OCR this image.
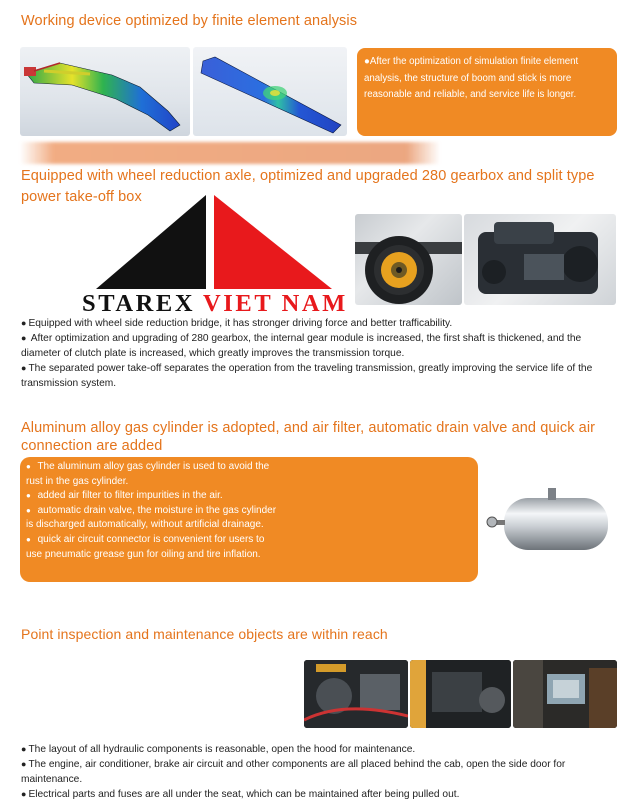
Working device optimized by finite element analysis
●After the optimization of simulation finite element analysis, the structure of boom and stick is more reasonable and reliable, and service life is longer.
Equipped with wheel reduction axle, optimized and upgraded 280 gearbox and split type power take-off box
STAREX VIET NAM

● Equipped with wheel side reduction bridge, it has stronger driving force and better trafficability.

● After optimization and upgrading of 280 gearbox, the internal gear module is increased, the first shaft is thickened, and the diameter of clutch plate is increased, which greatly improves the transmission torque.

● The separated power take-off separates the operation from the traveling transmission, greatly improving the service life of the transmission system.

Aluminum alloy gas cylinder is adopted, and air filter, automatic drain valve and quick air connection are added

● The aluminum alloy gas cylinder is used to avoid the rust in the gas cylinder.

● added air filter to filter impurities in the air.

● automatic drain valve, the moisture in the gas cylinder is discharged automatically, without artificial drainage.

● quick air circuit connector is convenient for users to use pneumatic grease gun for oiling and tire inflation.

Point inspection and maintenance objects are within reach

● The layout of all hydraulic components is reasonable, open the hood for maintenance.

● The engine, air conditioner, brake air circuit and other components are all placed behind the cab, open the side door for maintenance.

● Electrical parts and fuses are all under the seat, which can be maintained after being pulled out.
